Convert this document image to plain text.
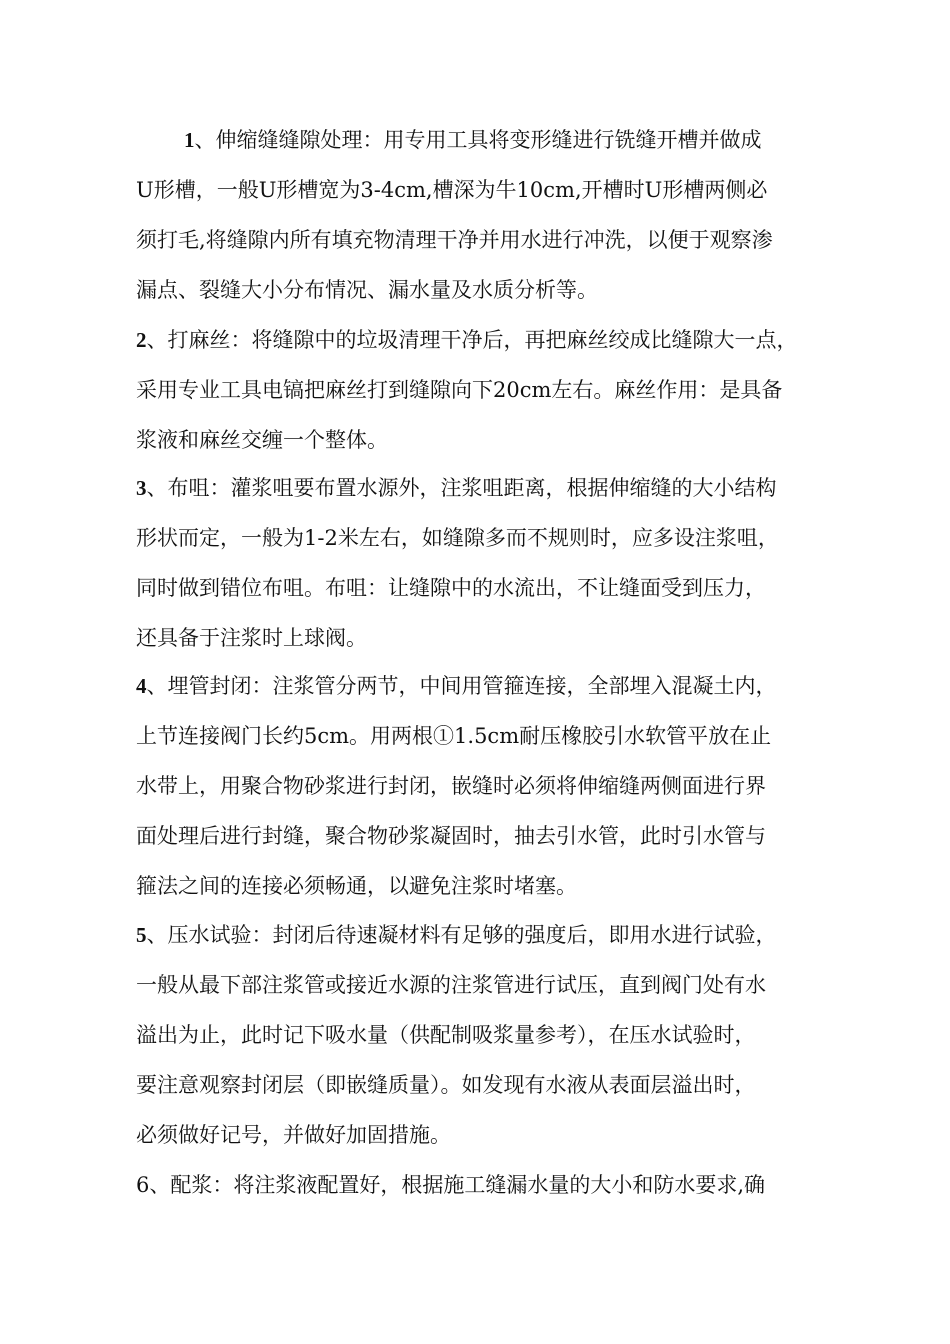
1、伸缩缝缝隙处理：用专用工具将变形缝进行铣缝开槽并做成
U形槽，一般U形槽宽为3-4cm,槽深为牛10cm,开槽时U形槽两侧必
须打毛,将缝隙内所有填充物清理干净并用水进行冲洗，以便于观察渗
漏点、裂缝大小分布情况、漏水量及水质分析等。
2、打麻丝：将缝隙中的垃圾清理干净后，再把麻丝绞成比缝隙大一点，
采用专业工具电镐把麻丝打到缝隙向下20cm左右。麻丝作用：是具备
浆液和麻丝交缠一个整体。
3、布咀：灌浆咀要布置水源外，注浆咀距离，根据伸缩缝的大小结构
形状而定，一般为1-2米左右，如缝隙多而不规则时，应多设注浆咀，
同时做到错位布咀。布咀：让缝隙中的水流出，不让缝面受到压力，
还具备于注浆时上球阀。
4、埋管封闭：注浆管分两节，中间用管箍连接，全部埋入混凝土内，
上节连接阀门长约5cm。用两根①1.5cm耐压橡胶引水软管平放在止
水带上，用聚合物砂浆进行封闭，嵌缝时必须将伸缩缝两侧面进行界
面处理后进行封缝，聚合物砂浆凝固时，抽去引水管，此时引水管与
箍法之间的连接必须畅通，以避免注浆时堵塞。
5、压水试验：封闭后待速凝材料有足够的强度后，即用水进行试验，
一般从最下部注浆管或接近水源的注浆管进行试压，直到阀门处有水
溢出为止，此时记下吸水量（供配制吸浆量参考），在压水试验时，
要注意观察封闭层（即嵌缝质量）。如发现有水液从表面层溢出时，
必须做好记号，并做好加固措施。
6、配浆：将注浆液配置好，根据施工缝漏水量的大小和防水要求,确
